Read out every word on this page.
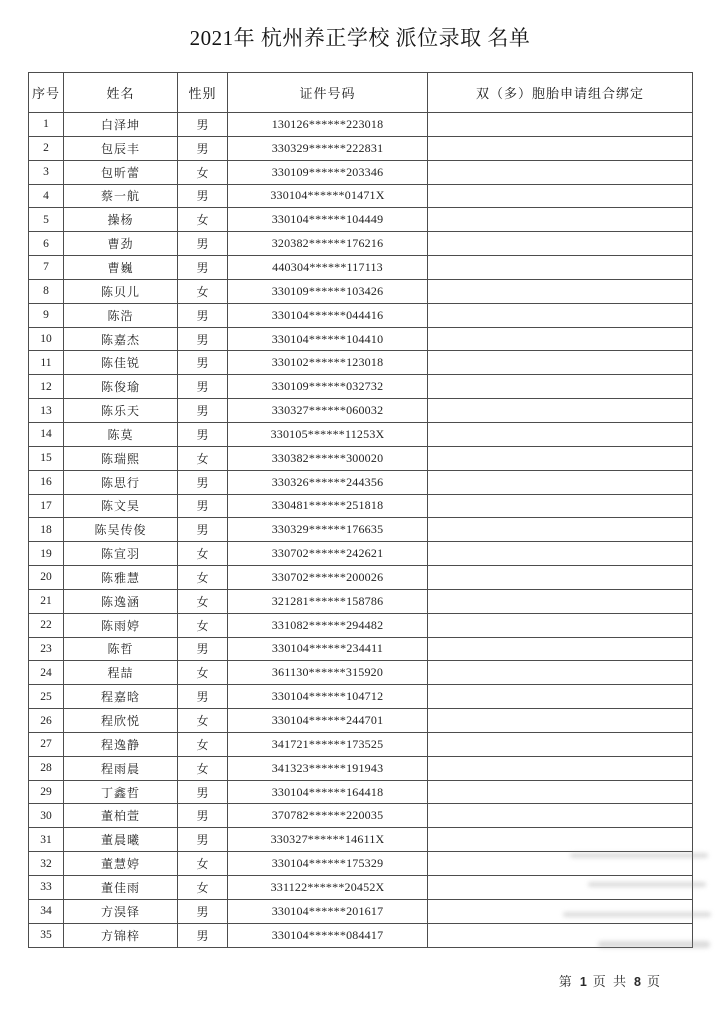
2021年 杭州养正学校 派位录取 名单
序号	姓名	性别	证件号码	双（多）胞胎申请组合绑定
1	白泽坤	男	130126******223018	
2	包辰丰	男	330329******222831	
3	包昕蕾	女	330109******203346	
4	蔡一航	男	330104******01471X	
5	操杨	女	330104******104449	
6	曹劲	男	320382******176216	
7	曹巍	男	440304******117113	
8	陈贝儿	女	330109******103426	
9	陈浩	男	330104******044416	
10	陈嘉杰	男	330104******104410	
11	陈佳锐	男	330102******123018	
12	陈俊瑜	男	330109******032732	
13	陈乐天	男	330327******060032	
14	陈莫	男	330105******11253X	
15	陈瑞熙	女	330382******300020	
16	陈思行	男	330326******244356	
17	陈文昊	男	330481******251818	
18	陈吴传俊	男	330329******176635	
19	陈宣羽	女	330702******242621	
20	陈雅慧	女	330702******200026	
21	陈逸涵	女	321281******158786	
22	陈雨婷	女	331082******294482	
23	陈哲	男	330104******234411	
24	程喆	女	361130******315920	
25	程嘉晗	男	330104******104712	
26	程欣悦	女	330104******244701	
27	程逸静	女	341721******173525	
28	程雨晨	女	341323******191943	
29	丁鑫哲	男	330104******164418	
30	董柏萱	男	370782******220035	
31	董晨曦	男	330327******14611X	
32	董慧婷	女	330104******175329	
33	董佳雨	女	331122******20452X	
34	方淏铎	男	330104******201617	
35	方锦梓	男	330104******084417	
第 1 页 共 8 页
